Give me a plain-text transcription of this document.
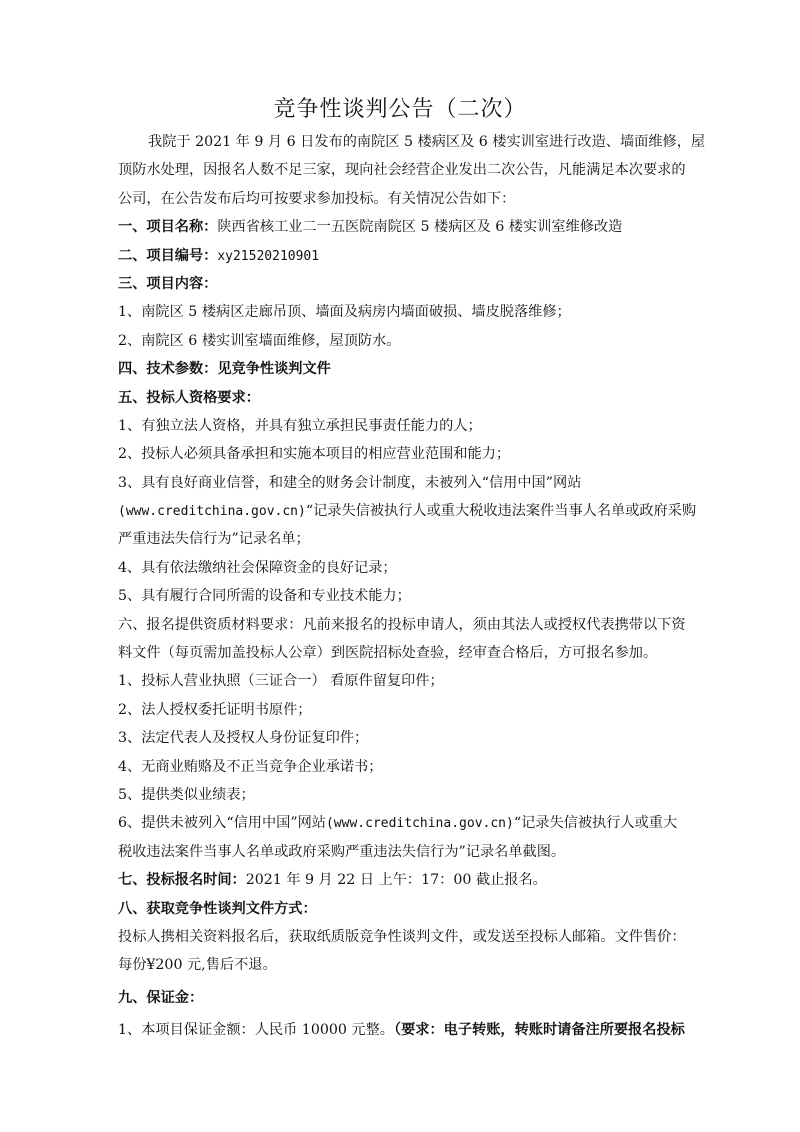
竞争性谈判公告（二次）
我院于 2021 年 9 月 6 日发布的南院区 5 楼病区及 6 楼实训室进行改造、墙面维修，屋
顶防水处理，因报名人数不足三家，现向社会经营企业发出二次公告，凡能满足本次要求的
公司，在公告发布后均可按要求参加投标。有关情况公告如下：
一、项目名称：陕西省核工业二一五医院南院区 5 楼病区及 6 楼实训室维修改造
二、项目编号：xy21520210901
三、项目内容：
1、南院区 5 楼病区走廊吊顶、墙面及病房内墙面破损、墙皮脱落维修；
2、南院区 6 楼实训室墙面维修，屋顶防水。
四、技术参数：见竞争性谈判文件
五、投标人资格要求：
1、有独立法人资格，并具有独立承担民事责任能力的人；
2、投标人必须具备承担和实施本项目的相应营业范围和能力；
3、具有良好商业信誉，和建全的财务会计制度，未被列入“信用中国”网站
(www.creditchina.gov.cn)“记录失信被执行人或重大税收违法案件当事人名单或政府采购
严重违法失信行为”记录名单；
4、具有依法缴纳社会保障资金的良好记录；
5、具有履行合同所需的设备和专业技术能力；
六、报名提供资质材料要求：凡前来报名的投标申请人，须由其法人或授权代表携带以下资
料文件（每页需加盖投标人公章）到医院招标处查验，经审查合格后，方可报名参加。
1、投标人营业执照（三证合一） 看原件留复印件；
2、法人授权委托证明书原件；
3、法定代表人及授权人身份证复印件；
4、无商业贿赂及不正当竞争企业承诺书；
5、提供类似业绩表；
6、提供未被列入“信用中国”网站(www.creditchina.gov.cn)“记录失信被执行人或重大
税收违法案件当事人名单或政府采购严重违法失信行为”记录名单截图。
七、投标报名时间：2021 年 9 月 22 日 上午：17：00 截止报名。
八、获取竞争性谈判文件方式：
投标人携相关资料报名后，获取纸质版竞争性谈判文件，或发送至投标人邮箱。文件售价：
每份¥200 元,售后不退。
九、保证金：
1、本项目保证金额：人民币 10000 元整。（要求：电子转账，转账时请备注所要报名投标
